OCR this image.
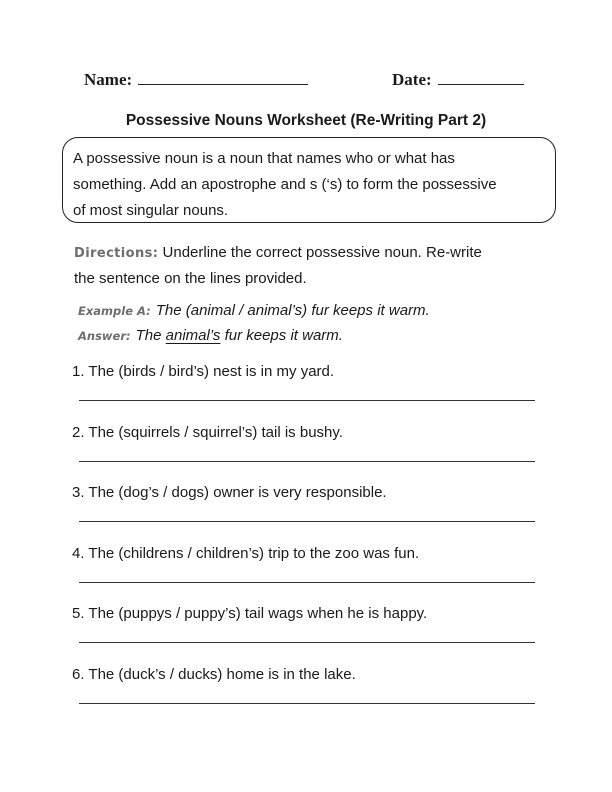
Name:	Date:
Possessive Nouns Worksheet (Re-Writing Part 2)
A possessive noun is a noun that names who or what has
something. Add an apostrophe and s (‘s) to form the possessive
of most singular nouns.
Directions: Underline the correct possessive noun. Re-write
the sentence on the lines provided.
Example A: The (animal / animal’s) fur keeps it warm.
Answer: The animal’s fur keeps it warm.
1. The (birds / bird’s) nest is in my yard.
2. The (squirrels / squirrel’s) tail is bushy.
3. The (dog’s / dogs) owner is very responsible.
4. The (childrens / children’s) trip to the zoo was fun.
5. The (puppys / puppy’s) tail wags when he is happy.
6. The (duck’s / ducks) home is in the lake.
